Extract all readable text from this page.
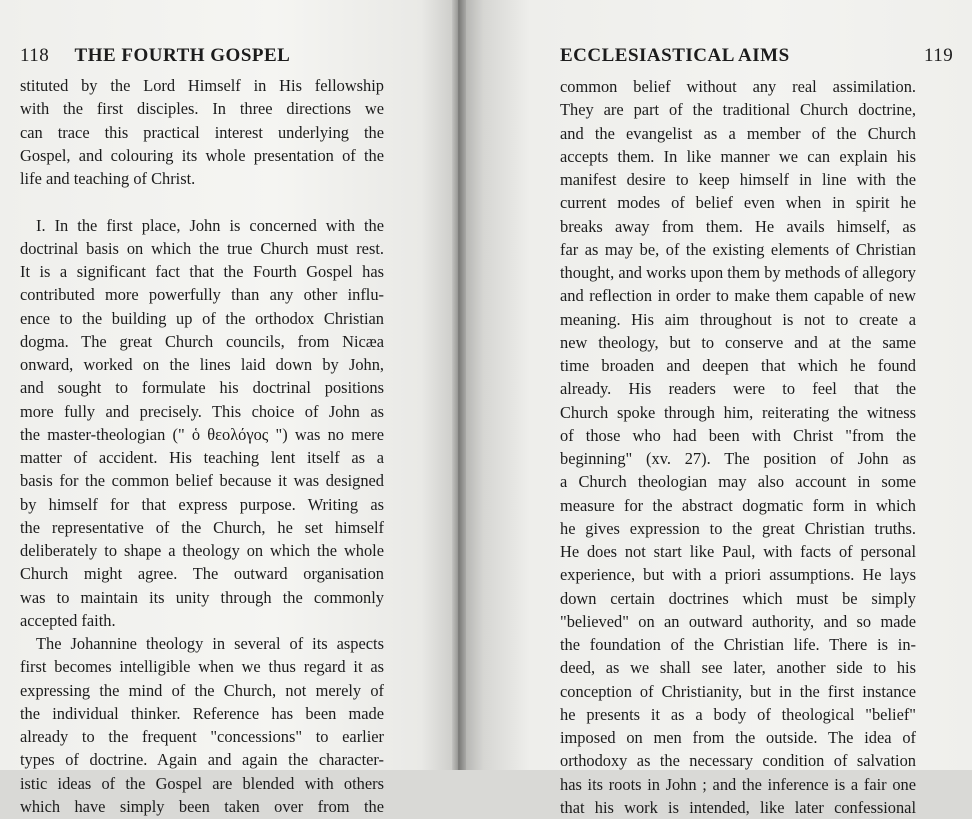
118 THE FOURTH GOSPEL
stituted by the Lord Himself in His fellowship
with the first disciples. In three directions we
can trace this practical interest underlying the
Gospel, and colouring its whole presentation of the
life and teaching of Christ.
I. In the first place, John is concerned with the
doctrinal basis on which the true Church must rest.
It is a significant fact that the Fourth Gospel has
contributed more powerfully than any other influ-
ence to the building up of the orthodox Christian
dogma. The great Church councils, from Nicæa
onward, worked on the lines laid down by John,
and sought to formulate his doctrinal positions
more fully and precisely. This choice of John as
the master-theologian (" ὁ θεολόγος ") was no mere
matter of accident. His teaching lent itself as a
basis for the common belief because it was designed
by himself for that express purpose. Writing as
the representative of the Church, he set himself
deliberately to shape a theology on which the whole
Church might agree. The outward organisation
was to maintain its unity through the commonly
accepted faith.
The Johannine theology in several of its aspects
first becomes intelligible when we thus regard it as
expressing the mind of the Church, not merely of
the individual thinker. Reference has been made
already to the frequent "concessions" to earlier
types of doctrine. Again and again the character-
istic ideas of the Gospel are blended with others
which have simply been taken over from the
ECCLESIASTICAL AIMS	119
common belief without any real assimilation.
They are part of the traditional Church doctrine,
and the evangelist as a member of the Church
accepts them. In like manner we can explain his
manifest desire to keep himself in line with the
current modes of belief even when in spirit he
breaks away from them. He avails himself, as
far as may be, of the existing elements of Christian
thought, and works upon them by methods of allegory
and reflection in order to make them capable of new
meaning. His aim throughout is not to create a
new theology, but to conserve and at the same
time broaden and deepen that which he found
already. His readers were to feel that the
Church spoke through him, reiterating the witness
of those who had been with Christ "from the
beginning" (xv. 27). The position of John as
a Church theologian may also account in some
measure for the abstract dogmatic form in which
he gives expression to the great Christian truths.
He does not start like Paul, with facts of personal
experience, but with a priori assumptions. He lays
down certain doctrines which must be simply
"believed" on an outward authority, and so made
the foundation of the Christian life. There is in-
deed, as we shall see later, another side to his
conception of Christianity, but in the first instance
he presents it as a body of theological "belief"
imposed on men from the outside. The idea of
orthodoxy as the necessary condition of salvation
has its roots in John ; and the inference is a fair one
that his work is intended, like later confessional
